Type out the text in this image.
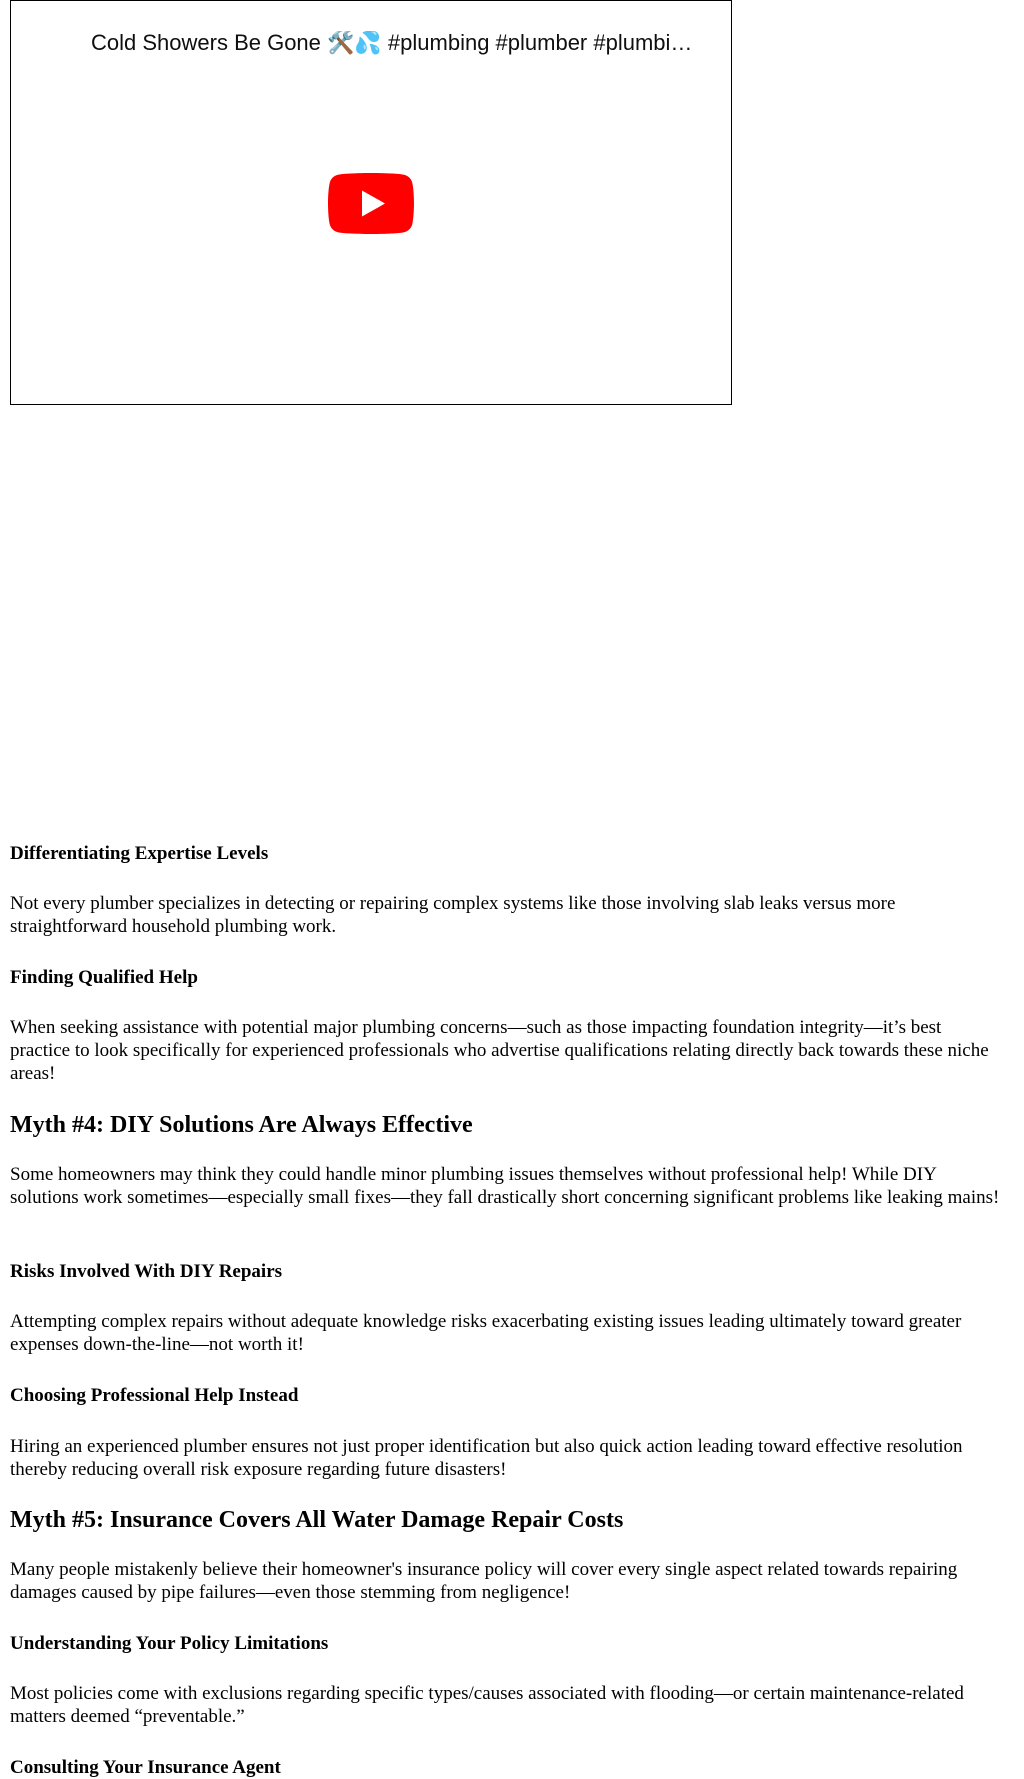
Cold Showers Be Gone 🛠️💦 #plumbing #plumber #plumbi…
Differentiating Expertise Levels

Not every plumber specializes in detecting or repairing complex systems like those involving slab leaks versus more straightforward household plumbing work.

Finding Qualified Help

When seeking assistance with potential major plumbing concerns—such as those impacting foundation integrity—it’s best practice to look specifically for experienced professionals who advertise qualifications relating directly back towards these niche areas!

Myth #4: DIY Solutions Are Always Effective

Some homeowners may think they could handle minor plumbing issues themselves without professional help! While DIY solutions work sometimes—especially small fixes—they fall drastically short concerning significant problems like leaking mains!

Risks Involved With DIY Repairs

Attempting complex repairs without adequate knowledge risks exacerbating existing issues leading ultimately toward greater expenses down-the-line—not worth it!

Choosing Professional Help Instead

Hiring an experienced plumber ensures not just proper identification but also quick action leading toward effective resolution thereby reducing overall risk exposure regarding future disasters!

Myth #5: Insurance Covers All Water Damage Repair Costs

Many people mistakenly believe their homeowner's insurance policy will cover every single aspect related towards repairing damages caused by pipe failures—even those stemming from negligence!

Understanding Your Policy Limitations

Most policies come with exclusions regarding specific types/causes associated with flooding—or certain maintenance-related matters deemed “preventable.”

Consulting Your Insurance Agent
